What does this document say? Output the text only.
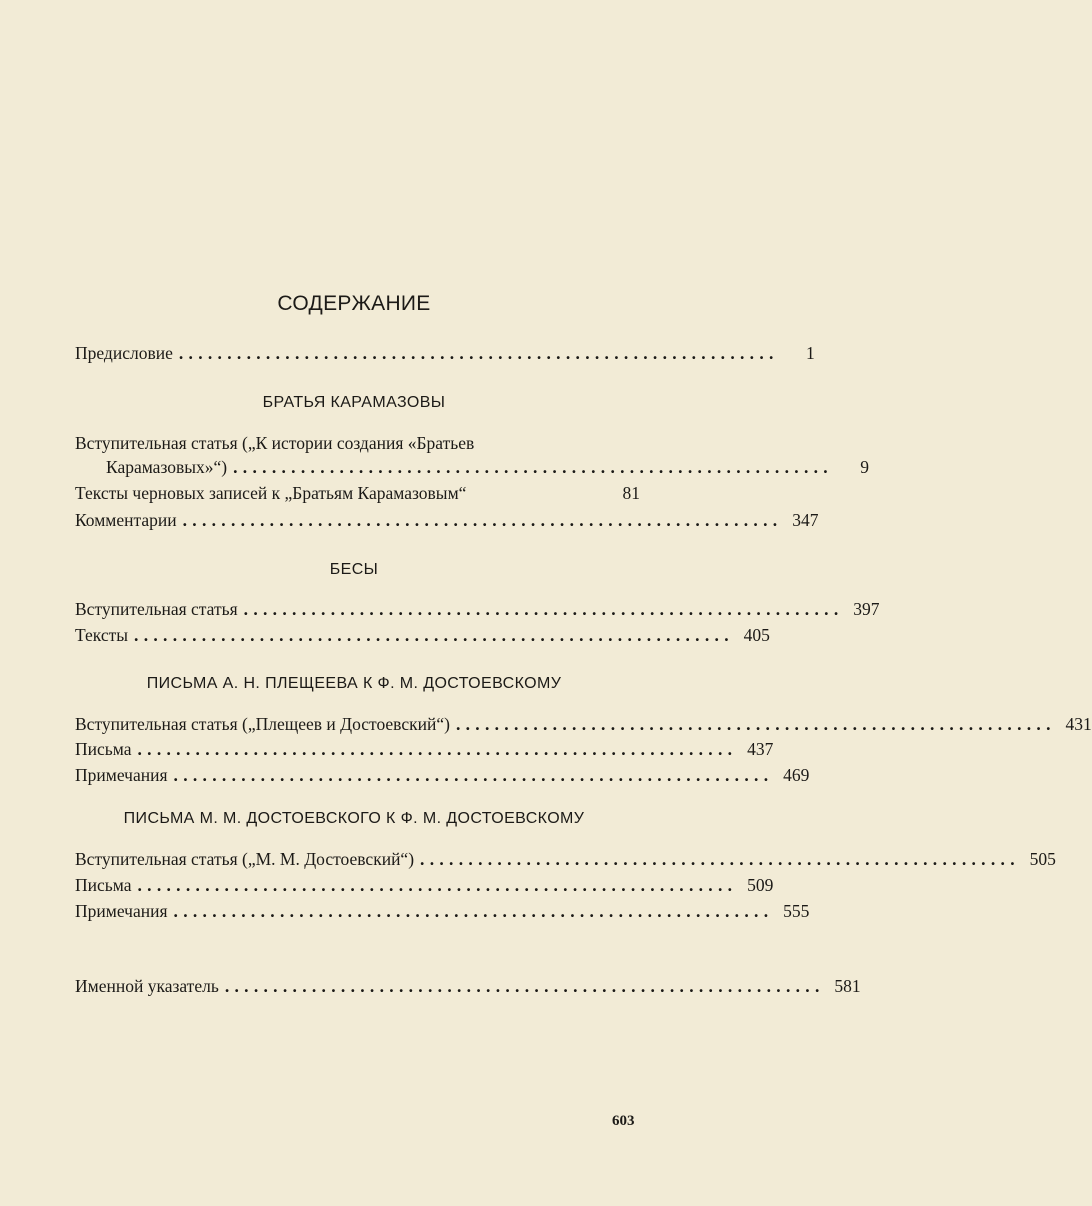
СОДЕРЖАНИЕ
Предисловие ..............................................................	1
БРАТЬЯ КАРАМАЗОВЫ
Вступительная статья („К истории создания «Братьев
Карамазовых»“) ..............................................................	9
Тексты черновых записей к „Братьям Карамазовым“	81
Комментарии .............................................................. 347
БЕСЫ
Вступительная статья .............................................................. 397
Тексты .............................................................. 405
ПИСЬМА А. Н. ПЛЕЩЕЕВА К Ф. М. ДОСТОЕВСКОМУ
Вступительная статья („Плещеев и Достоевский“) .............................................................. 431
Письма .............................................................. 437
Примечания .............................................................. 469
ПИСЬМА М. М. ДОСТОЕВСКОГО К Ф. М. ДОСТОЕВСКОМУ
Вступительная статья („М. М. Достоевский“) .............................................................. 505
Письма .............................................................. 509
Примечания .............................................................. 555
Именной указатель .............................................................. 581
603
